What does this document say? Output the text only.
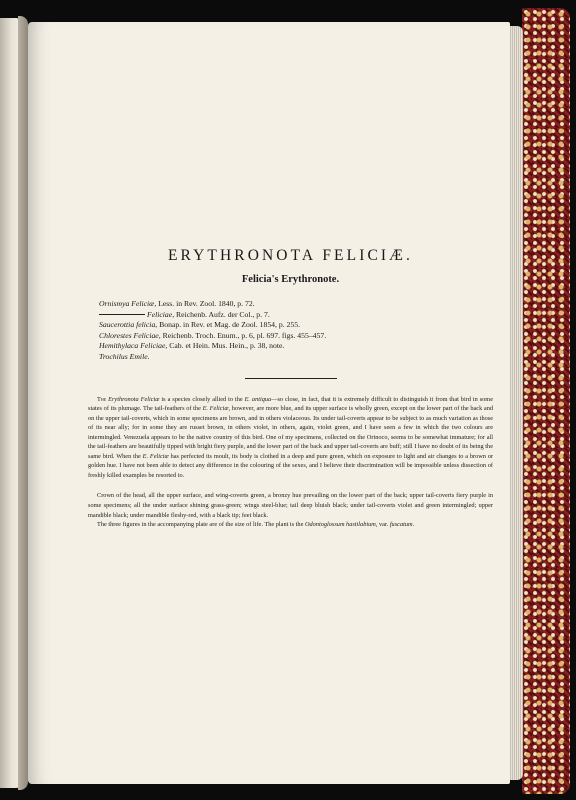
ERYTHRONOTA FELICIÆ.
Felicia's Erythronote.
Ornismya Feliciæ, Less. in Rev. Zool. 1840, p. 72.
Feliciae, Reichenb. Aufz. der Col., p. 7.
Saucerottia felicia, Bonap. in Rev. et Mag. de Zool. 1854, p. 255.
Chlorestes Feliciae, Reichenb. Troch. Enum., p. 6, pl. 697. figs. 455–457.
Hemithylaca Feliciae, Cab. et Hein. Mus. Hein., p. 38, note.
Trochilus Emile.

The Erythronota Feliciæ is a species closely allied to the E. antiqua—so close, in fact, that it is extremely difficult to distinguish it from that bird in some states of its plumage. The tail-feathers of the E. Feliciæ, however, are more blue, and its upper surface is wholly green, except on the lower part of the back and on the upper tail-coverts, which in some specimens are brown, and in others violaceous. Its under tail-coverts appear to be subject to as much variation as those of its near ally; for in some they are russet brown, in others violet, in others, again, violet green, and I have seen a few in which the two colours are intermingled. Venezuela appears to be the native country of this bird. One of my specimens, collected on the Orinoco, seems to be somewhat immature; for all the tail-feathers are beautifully tipped with bright fiery purple, and the lower part of the back and upper tail-coverts are buff; still I have no doubt of its being the same bird. When the E. Feliciæ has perfected its moult, its body is clothed in a deep and pure green, which on exposure to light and air changes to a brown or golden hue. I have not been able to detect any difference in the colouring of the sexes, and I believe their discrimination will be impossible unless dissection of freshly killed examples be resorted to.

Crown of the head, all the upper surface, and wing-coverts green, a bronzy hue prevailing on the lower part of the back; upper tail-coverts fiery purple in some specimens; all the under surface shining grass-green; wings steel-blue; tail deep bluish black; under tail-coverts violet and green intermingled; upper mandible black; under mandible fleshy-red, with a black tip; feet black.

The three figures in the accompanying plate are of the size of life. The plant is the Odontoglossum hastilabium, var. fuscatum.
